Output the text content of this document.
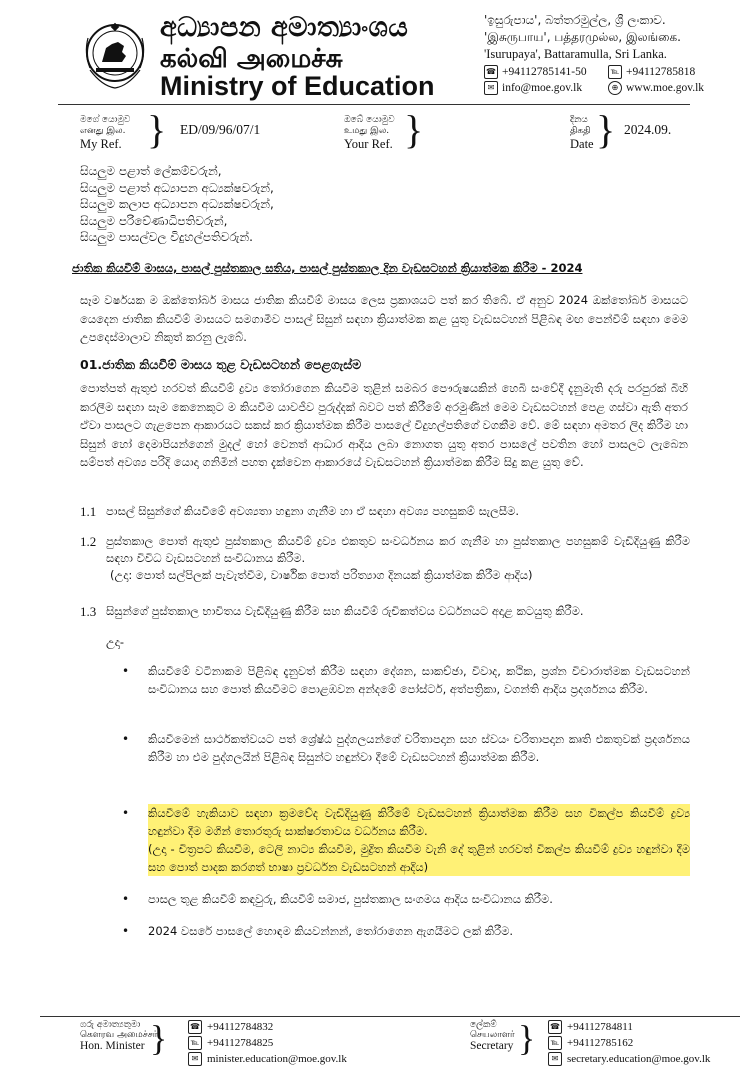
අධ්‍යාපන අමාත්‍යාංශය
கல்வி அமைச்சு
Ministry of Education
'ඉසුරුපාය', බත්තරමුල්ල, ශ්‍රී ලංකාව.
'இசுருபாய', பத்தரமுல்ல, இலங்கை.
'Isurupaya', Battaramulla, Sri Lanka.
☎ +94112785141-50	℡ +94112785818
✉ info@moe.gov.lk	⊕ www.moe.gov.lk
මගේ යොමුව
எனது இல.
My Ref. } ED/09/96/07/1
ඔබේ යොමුව
உமது இல.
Your Ref. }	දිනය
திகதி
Date } 2024.09.
සියලුම පළාත් ලේකම්වරුන්,
සියලුම පළාත් අධ්‍යාපන අධ්‍යක්ෂවරුන්,
සියලුම කලාප අධ්‍යාපන අධ්‍යක්ෂවරුන්,
සියලුම පරිවේණාධිපතිවරුන්,
සියලුම පාසල්වල විදුහල්පතිවරුන්.
ජාතික කියවීම් මාසය, පාසල් පුස්තකාල සතිය, පාසල් පුස්තකාල දින වැඩසටහන් ක්‍රියාත්මක කිරීම - 2024
සෑම වර්ෂයක ම ඔක්තෝබර් මාසය ජාතික කියවීම් මාසය ලෙස ප්‍රකාශයට පත් කර තිබේ. ඒ අනුව 2024 ඔක්තෝබර් මාසයට යෙදෙන ජාතික කියවීම් මාසයට සමගාමීව පාසල් සිසුන් සඳහා ක්‍රියාත්මක කළ යුතු වැඩසටහන් පිළිබඳ මඟ පෙන්වීම් සඳහා මෙම උපදෙස්මාලාව නිකුත් කරනු ලැබේ.
01.ජාතික කියවීම් මාසය තුළ වැඩසටහන් පෙළගැස්ම
පොත්පත් ඇතුළු හරවත් කියවීම් ද්‍රව්‍ය තෝරාගෙන කියවීම තුළින් සමබර පෞරුෂයකින් හෙබි සංවේදී දැනුමැති දරු පරපුරක් බිහි කරලීම සඳහා සෑම කෙනෙකුට ම කියවීම යාවජීව පුරුද්දක් බවට පත් කිරීමේ අරමුණින් මෙම වැඩසටහන් පෙළ ගස්වා ඇති අතර ඒවා පාසලට ගැළපෙන ආකාරයට සකස් කර ක්‍රියාත්මක කිරීම පාසලේ විදුහල්පතිගේ වගකීම වේ. මේ සඳහා අමතර ලිද කිරීම හා සිසුන් හෝ දෙමාපියන්ගෙන් මුදල් හෝ වෙනත් ආධාර ආදිය ලබා නොගත යුතු අතර පාසලේ පවතින හෝ පාසලට ලැබෙන සම්පත් අවශ්‍ය පරිදි යොදා ගනිමින් පහත දැක්වෙන ආකාරයේ වැඩසටහන් ක්‍රියාත්මක කිරීම සිදු කළ යුතු වේ.
1.1 පාසල් සිසුන්ගේ කියවීමේ අවශ්‍යතා හඳුනා ගැනීම හා ඒ සඳහා අවශ්‍ය පහසුකම් සැලසීම.
1.2 පුස්තකාල පොත් ඇතුළු පුස්තකාල කියවීම් ද්‍රව්‍ය එකතුව සංවර්ධනය කර ගැනීම හා පුස්තකාල පහසුකම් වැඩිදියුණු කිරීම සඳහා විවිධ වැඩසටහන් සංවිධානය කිරීම.
(උදා: පොත් සල්පිලක් පැවැත්වීම, වාර්ෂික පොත් පරිත්‍යාග දිනයක් ක්‍රියාත්මක කිරීම ආදිය)
1.3 සිසුන්ගේ පුස්තකාල භාවිතය වැඩිදියුණු කිරීම සහ කියවීම් රුචිකත්වය වර්ධනයට අදාළ කටයුතු කිරීම.
උදා-
• කියවීමේ වටිනාකම පිළිබඳ දැනුවත් කිරීම සඳහා දේශන, සාකච්ඡා, විවාද, කථික, ප්‍රශ්න විචාරාත්මක වැඩසටහන් සංවිධානය සහ පොත් කියවීමට පොළඹවන අන්දමේ පෝස්ටර්, අත්පත්‍රිකා, වගන්ති ආදිය ප්‍රදර්ශනය කිරීම.
• කියවීමෙන් සාර්ථකත්වයට පත් ශ්‍රේෂ්ඨ පුද්ගලයන්ගේ චරිතාපදාන සහ ස්වයං චරිතාපදාන කෘති එකතුවක් ප්‍රදර්ශනය කිරීම හා එම පුද්ගලයින් පිළිබඳ සිසුන්ට හඳුන්වා දීමේ වැඩසටහන් ක්‍රියාත්මක කිරීම.
• කියවීමේ හැකියාව සඳහා ක්‍රමවේද වැඩිදියුණු කිරීමේ වැඩසටහන් ක්‍රියාත්මක කිරීම සහ විකල්ප කියවීම් ද්‍රව්‍ය හඳුන්වා දීම මගින් තොරතුරු සාක්ෂරතාවය වර්ධනය කිරීම.
(උදා - චිත්‍රපට කියවීම, ටෙලි නාට්‍ය කියවීම, මුද්‍රිත කියවීම වැනි දේ තුළින් හරවත් විකල්ප කියවීම් ද්‍රව්‍ය හඳුන්වා දීම සහ පොත් පාදක කරගත් භාෂා ප්‍රවර්ධන වැඩසටහන් ආදිය)
• පාසල තුළ කියවීම් කඳවුරු, කියවීම් සමාජ, පුස්තකාල සංගමය ආදිය සංවිධානය කිරීම.
• 2024 වසරේ පාසලේ හොඳම කියවන්නන්, තෝරාගෙන ඇගයීමට ලක් කිරීම.
ගරු අමාත්‍යතුමා
கௌரவ அமைச்சர்
Hon. Minister }	☎ +94112784832
℡ +94112784825
✉ minister.education@moe.gov.lk
ලේකම්
செயலாளர்
Secretary } ☎ +94112784811
℡ +94112785162
✉ secretary.education@moe.gov.lk
